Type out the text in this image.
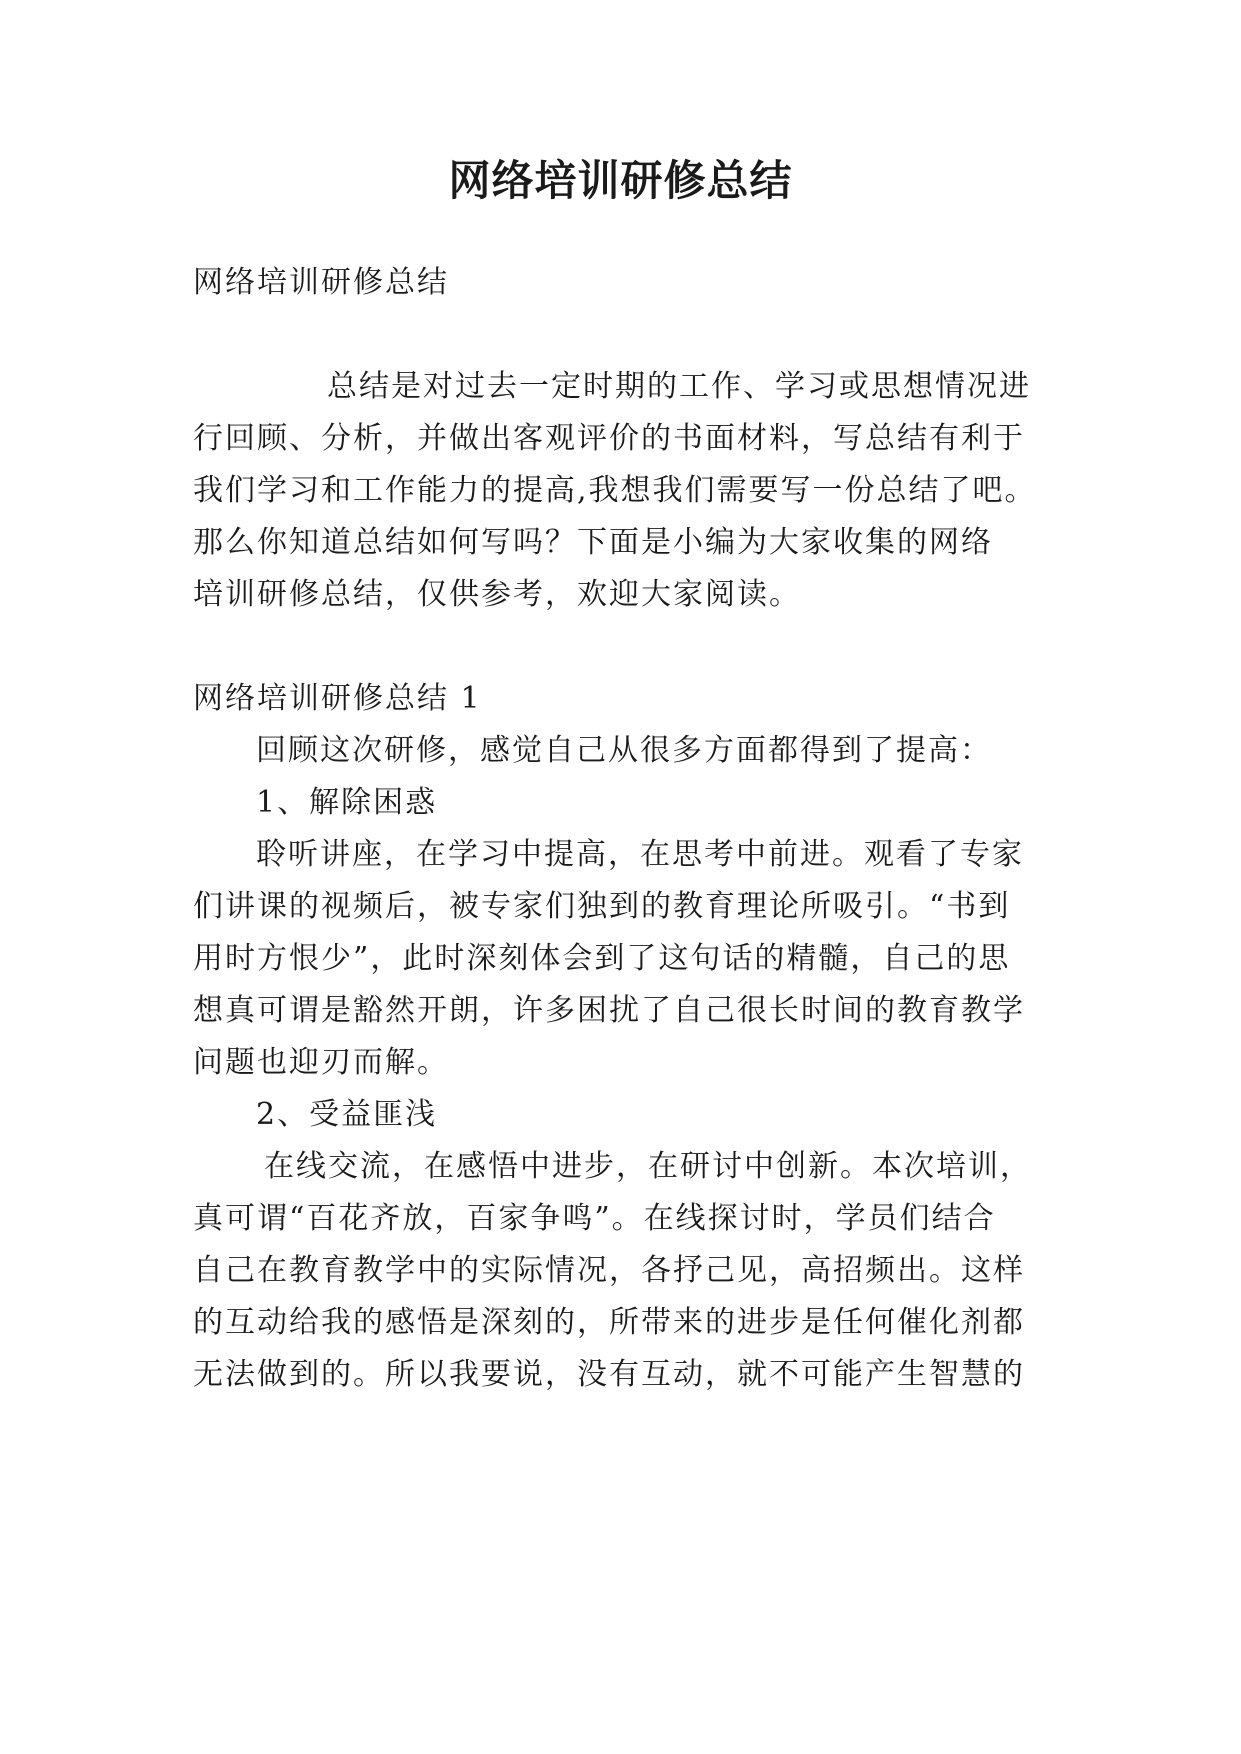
网络培训研修总结

网络培训研修总结

总结是对过去一定时期的工作、学习或思想情况进

行回顾、分析，并做出客观评价的书面材料，写总结有利于

我们学习和工作能力的提高,我想我们需要写一份总结了吧。

那么你知道总结如何写吗？下面是小编为大家收集的网络

培训研修总结，仅供参考，欢迎大家阅读。

网络培训研修总结 1

回顾这次研修，感觉自己从很多方面都得到了提高：

1、解除困惑

聆听讲座，在学习中提高，在思考中前进。观看了专家

们讲课的视频后，被专家们独到的教育理论所吸引。“书到

用时方恨少”，此时深刻体会到了这句话的精髓，自己的思

想真可谓是豁然开朗，许多困扰了自己很长时间的教育教学

问题也迎刃而解。

2、受益匪浅

在线交流，在感悟中进步，在研讨中创新。本次培训，

真可谓“百花齐放，百家争鸣”。在线探讨时，学员们结合

自己在教育教学中的实际情况，各抒己见，高招频出。这样

的互动给我的感悟是深刻的，所带来的进步是任何催化剂都

无法做到的。所以我要说，没有互动，就不可能产生智慧的
